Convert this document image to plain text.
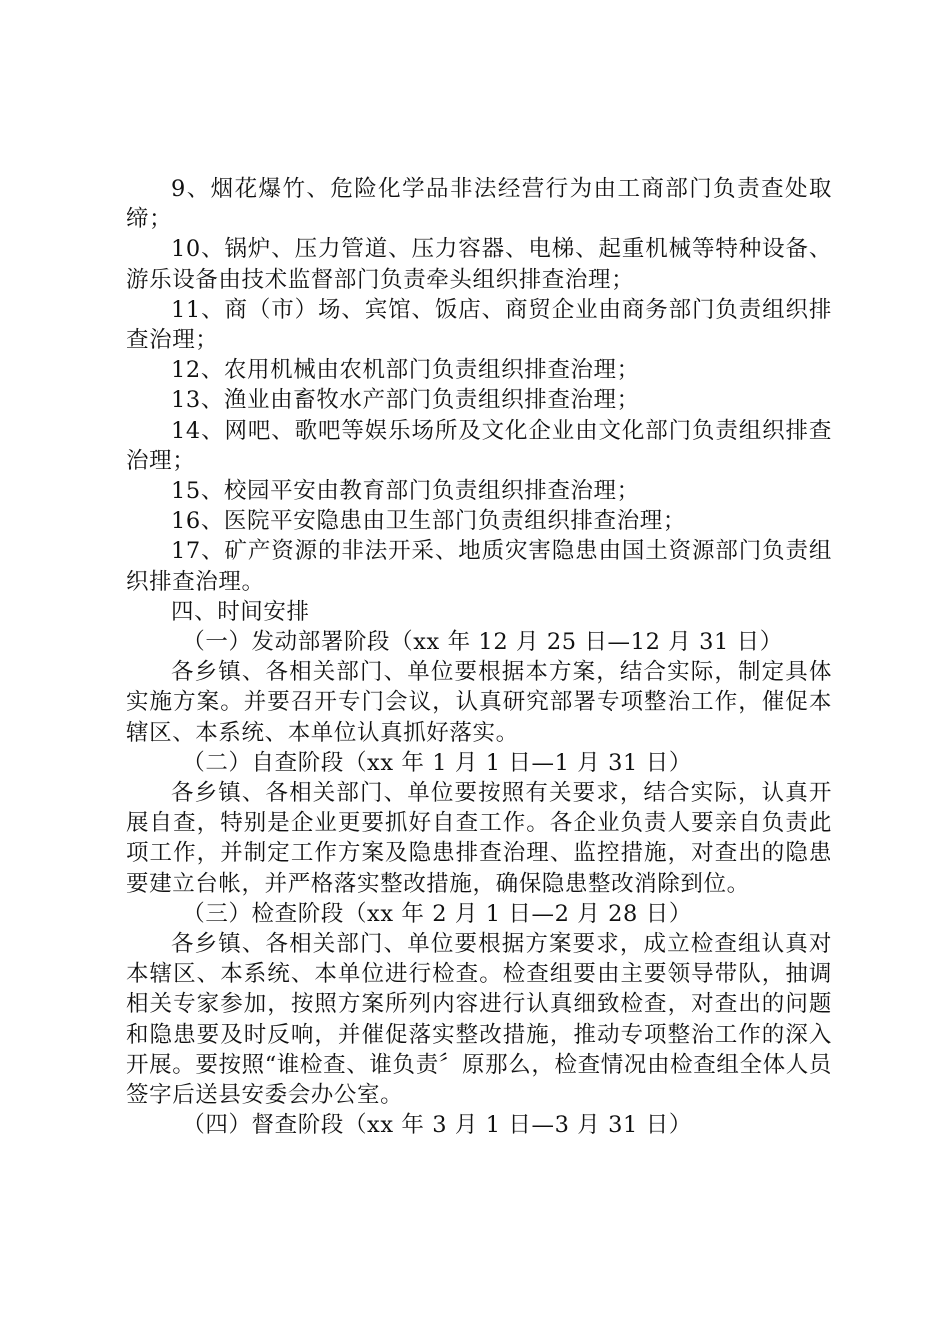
9、烟花爆竹、危险化学品非法经营行为由工商部门负责查处取缔；

10、锅炉、压力管道、压力容器、电梯、起重机械等特种设备、游乐设备由技术监督部门负责牵头组织排查治理；

11、商（市）场、宾馆、饭店、商贸企业由商务部门负责组织排查治理；

12、农用机械由农机部门负责组织排查治理；

13、渔业由畜牧水产部门负责组织排查治理；

14、网吧、歌吧等娱乐场所及文化企业由文化部门负责组织排查治理；

15、校园平安由教育部门负责组织排查治理；

16、医院平安隐患由卫生部门负责组织排查治理；

17、矿产资源的非法开采、地质灾害隐患由国土资源部门负责组织排查治理。

四、时间安排

（一）发动部署阶段（xx 年 12 月 25 日—12 月 31 日）

各乡镇、各相关部门、单位要根据本方案，结合实际，制定具体实施方案。并要召开专门会议，认真研究部署专项整治工作，催促本辖区、本系统、本单位认真抓好落实。

（二）自查阶段（xx 年 1 月 1 日—1 月 31 日）

各乡镇、各相关部门、单位要按照有关要求，结合实际，认真开展自查，特别是企业更要抓好自查工作。各企业负责人要亲自负责此项工作，并制定工作方案及隐患排查治理、监控措施，对查出的隐患要建立台帐，并严格落实整改措施，确保隐患整改消除到位。

（三）检查阶段（xx 年 2 月 1 日—2 月 28 日）

各乡镇、各相关部门、单位要根据方案要求，成立检查组认真对本辖区、本系统、本单位进行检查。检查组要由主要领导带队，抽调相关专家参加，按照方案所列内容进行认真细致检查，对查出的问题和隐患要及时反响，并催促落实整改措施，推动专项整治工作的深入开展。要按照“谁检查、谁负责〞原那么，检查情况由检查组全体人员签字后送县安委会办公室。

（四）督查阶段（xx 年 3 月 1 日—3 月 31 日）
